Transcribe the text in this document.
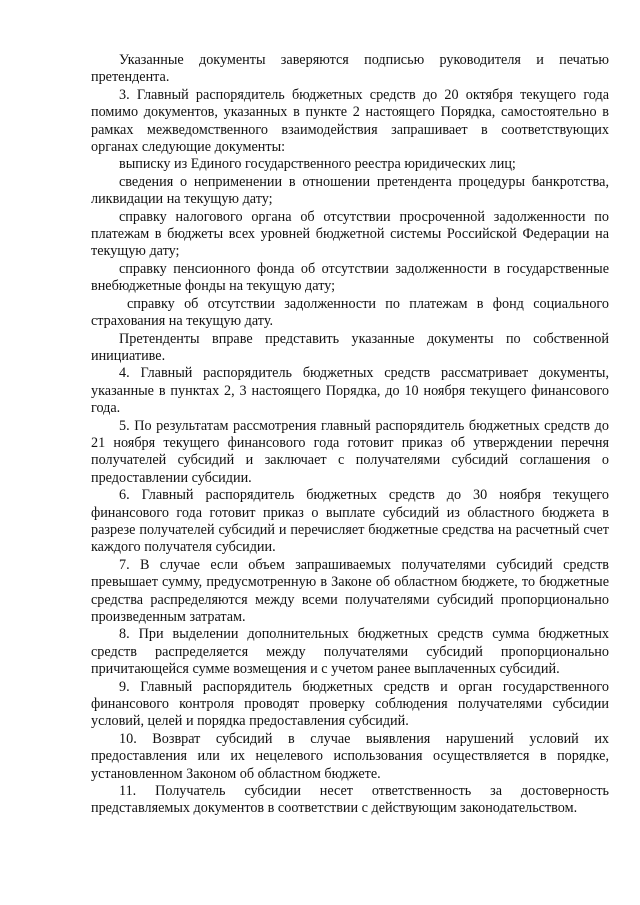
Указанные документы заверяются подписью руководителя и печатью претендента.

3. Главный распорядитель бюджетных средств до 20 октября текущего года помимо документов, указанных в пункте 2 настоящего Порядка, самостоятельно в рамках межведомственного взаимодействия запрашивает в соответствующих органах следующие документы:

выписку из Единого государственного реестра юридических лиц;

сведения о неприменении в отношении претендента процедуры банкротства, ликвидации на текущую дату;

справку налогового органа об отсутствии просроченной задолженности по платежам в бюджеты всех уровней бюджетной системы Российской Федерации на текущую дату;

справку пенсионного фонда об отсутствии задолженности в государственные внебюджетные фонды на текущую дату;

справку об отсутствии задолженности по платежам в фонд социального страхования на текущую дату.

Претенденты вправе представить указанные документы по собственной инициативе.

4. Главный распорядитель бюджетных средств рассматривает документы, указанные в пунктах 2, 3 настоящего Порядка, до 10 ноября текущего финансового года.

5. По результатам рассмотрения главный распорядитель бюджетных средств до 21 ноября текущего финансового года готовит приказ об утверждении перечня получателей субсидий и заключает с получателями субсидий соглашения о предоставлении субсидии.

6. Главный распорядитель бюджетных средств до 30 ноября текущего финансового года готовит приказ о выплате субсидий из областного бюджета в разрезе получателей субсидий и перечисляет бюджетные средства на расчетный счет каждого получателя субсидии.

7. В случае если объем запрашиваемых получателями субсидий средств превышает сумму, предусмотренную в Законе об областном бюджете, то бюджетные средства распределяются между всеми получателями субсидий пропорционально произведенным затратам.

8. При выделении дополнительных бюджетных средств сумма бюджетных средств распределяется между получателями субсидий пропорционально причитающейся сумме возмещения и с учетом ранее выплаченных субсидий.

9. Главный распорядитель бюджетных средств и орган государственного финансового контроля проводят проверку соблюдения получателями субсидии условий, целей и порядка предоставления субсидий.

10. Возврат субсидий в случае выявления нарушений условий их предоставления или их нецелевого использования осуществляется в порядке, установленном Законом об областном бюджете.

11. Получатель субсидии несет ответственность за достоверность представляемых документов в соответствии с действующим законодательством.
